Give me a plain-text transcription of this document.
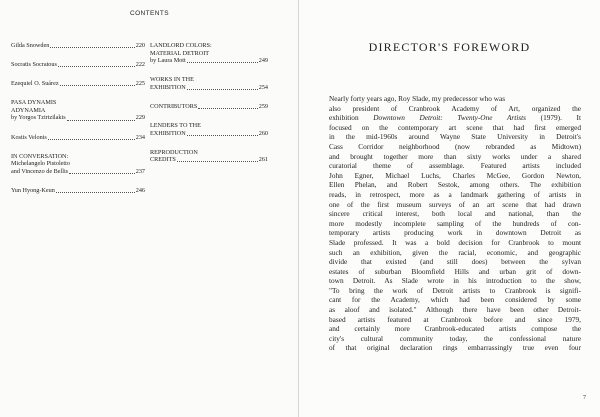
CONTENTS
Gilda Snowden	220
Socratis Socratous	222
Ezequiel O. Suárez	225
PASA DYNAMIS
ADYNAMIA
by Yorgos Tzirtzilakis	229
Kostis Velonis	234
IN CONVERSATION:
Michelangelo Pistoletto
and Vincenzo de Bellis	237
Yun Hyong-Keun	246
LANDLORD COLORS:
MATERIAL DETROIT
by Laura Mott	249
WORKS IN THE
EXHIBITION	254
CONTRIBUTORS	259
LENDERS TO THE
EXHIBITION	260
REPRODUCTION
CREDITS	261
DIRECTOR'S FOREWORD
Nearly forty years ago, Roy Slade, my predecessor who was
also president of Cranbrook Academy of Art, organized the
exhibition Downtown Detroit: Twenty-One Artists (1979). It
focused on the contemporary art scene that had first emerged
in the mid-1960s around Wayne State University in Detroit's
Cass Corridor neighborhood (now rebranded as Midtown)
and brought together more than sixty works under a shared
curatorial theme of assemblage. Featured artists included
John Egner, Michael Luchs, Charles McGee, Gordon Newton,
Ellen Phelan, and Robert Sestok, among others. The exhibition
reads, in retrospect, more as a landmark gathering of artists in
one of the first museum surveys of an art scene that had drawn
sincere critical interest, both local and national, than the
more modestly incomplete sampling of the hundreds of con-
temporary artists producing work in downtown Detroit as
Slade professed. It was a bold decision for Cranbrook to mount
such an exhibition, given the racial, economic, and geographic
divide that existed (and still does) between the sylvan
estates of suburban Bloomfield Hills and urban grit of down-
town Detroit. As Slade wrote in his introduction to the show,
"To bring the work of Detroit artists to Cranbrook is signifi-
cant for the Academy, which had been considered by some
as aloof and isolated." Although there have been other Detroit-
based artists featured at Cranbrook before and since 1979,
and certainly more Cranbrook-educated artists compose the
city's cultural community today, the confessional nature
of that original declaration rings embarrassingly true even four
7
